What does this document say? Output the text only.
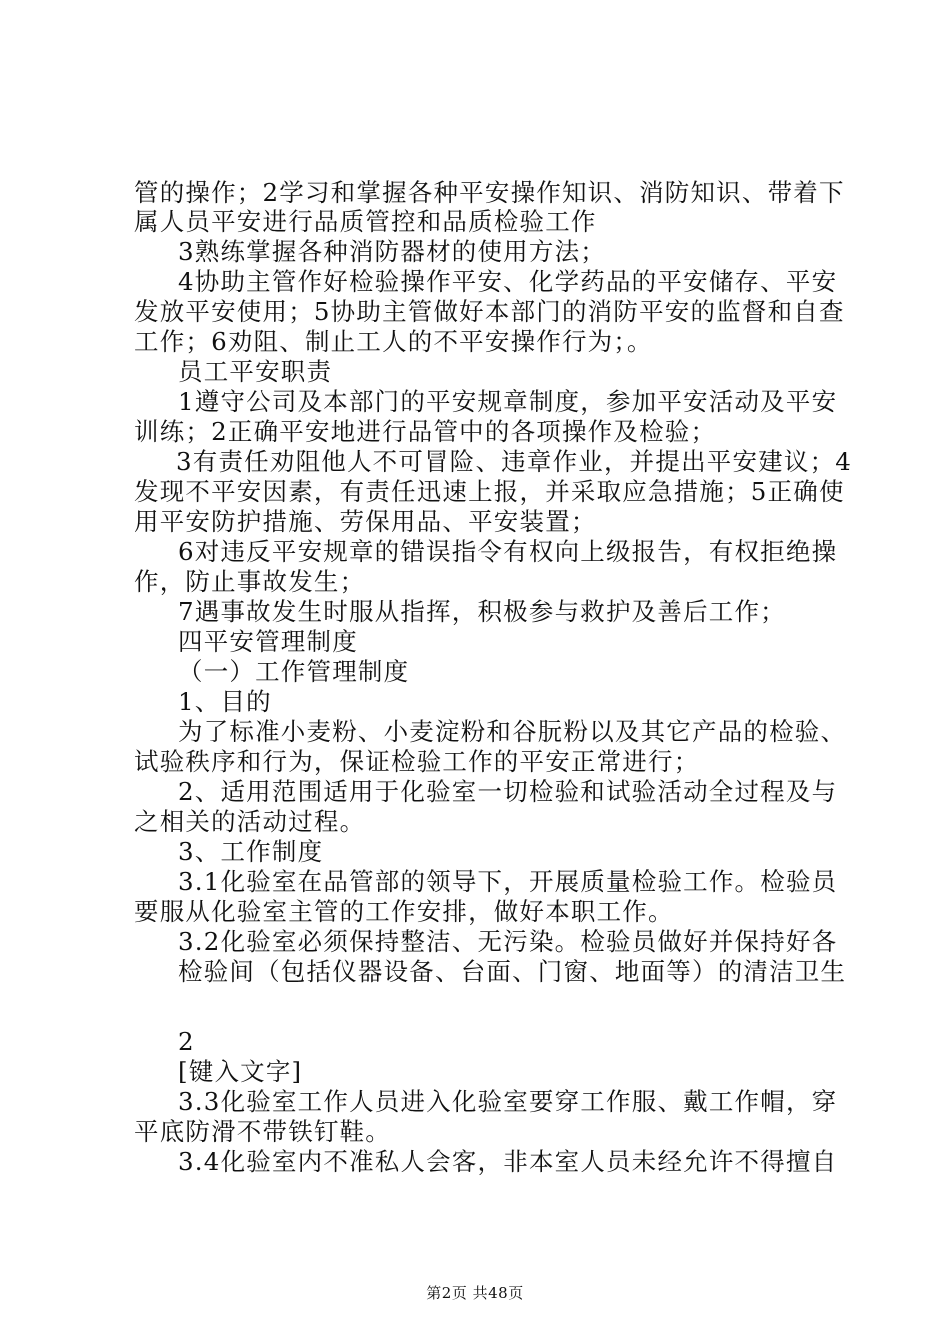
管的操作；2学习和掌握各种平安操作知识、消防知识、带着下
属人员平安进行品质管控和品质检验工作
3熟练掌握各种消防器材的使用方法；
4协助主管作好检验操作平安、化学药品的平安储存、平安
发放平安使用；5协助主管做好本部门的消防平安的监督和自查
工作；6劝阻、制止工人的不平安操作行为；。
员工平安职责
1遵守公司及本部门的平安规章制度，参加平安活动及平安
训练；2正确平安地进行品管中的各项操作及检验；
3有责任劝阻他人不可冒险、违章作业，并提出平安建议；4
发现不平安因素，有责任迅速上报，并采取应急措施；5正确使
用平安防护措施、劳保用品、平安装置；
6对违反平安规章的错误指令有权向上级报告，有权拒绝操
作，防止事故发生；
7遇事故发生时服从指挥，积极参与救护及善后工作；
四平安管理制度
（一）工作管理制度
1、目的
为了标准小麦粉、小麦淀粉和谷朊粉以及其它产品的检验、
试验秩序和行为，保证检验工作的平安正常进行；
2、适用范围适用于化验室一切检验和试验活动全过程及与
之相关的活动过程。
3、工作制度
3.1化验室在品管部的领导下，开展质量检验工作。检验员
要服从化验室主管的工作安排，做好本职工作。
3.2化验室必须保持整洁、无污染。检验员做好并保持好各
检验间（包括仪器设备、台面、门窗、地面等）的清洁卫生
2
[键入文字]
3.3化验室工作人员进入化验室要穿工作服、戴工作帽，穿
平底防滑不带铁钉鞋。
3.4化验室内不准私人会客，非本室人员未经允许不得擅自
第2页 共48页
